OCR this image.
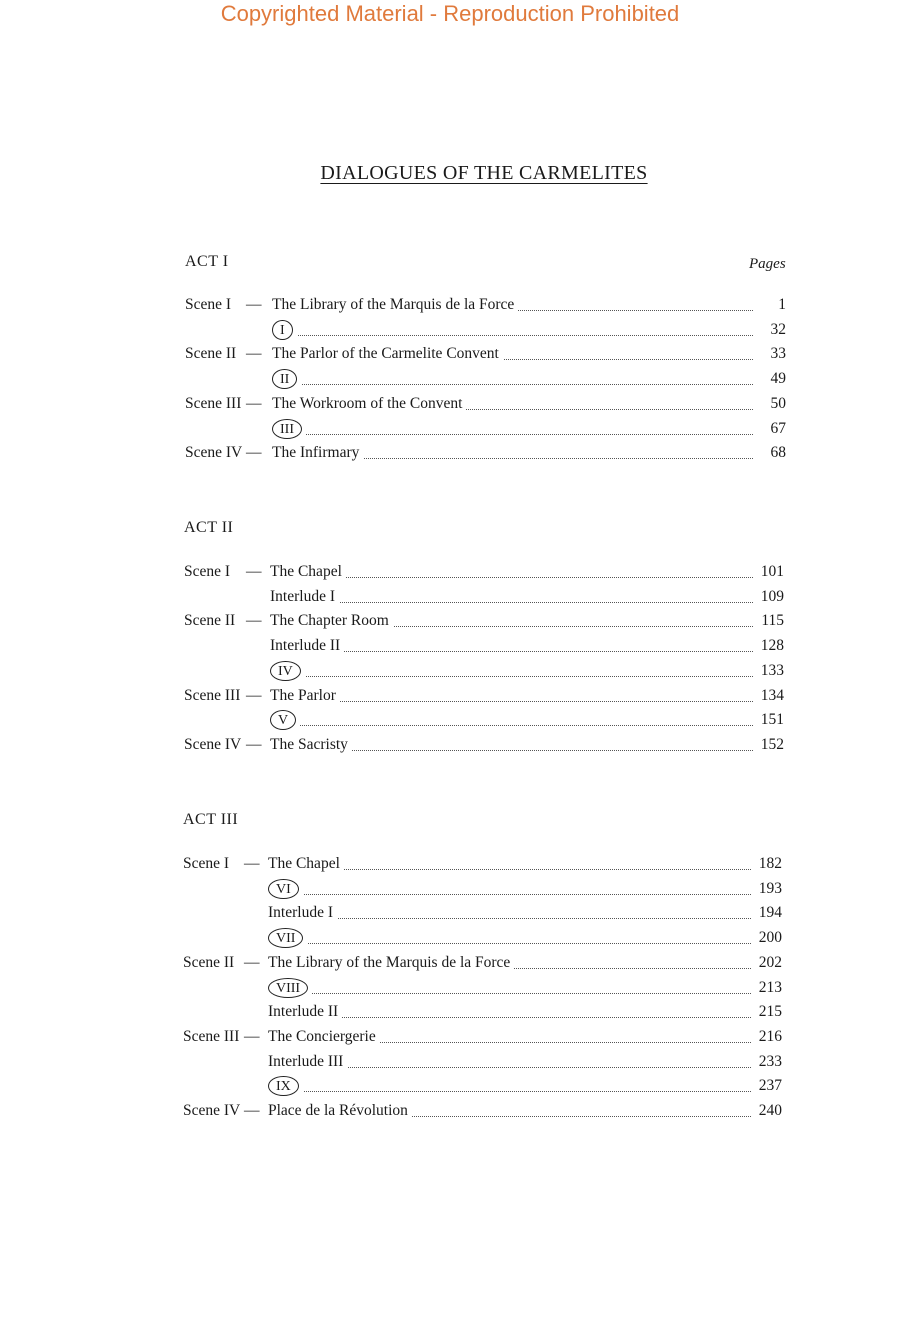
Copyrighted Material - Reproduction Prohibited
DIALOGUES OF THE CARMELITES
ACT I	Pages
Scene I — The Library of the Marquis de la Force	1
I	32
Scene II — The Parlor of the Carmelite Convent	33
II	49
Scene III — The Workroom of the Convent	50
III	67
Scene IV — The Infirmary	68
ACT II
Scene I — The Chapel	101
Interlude I	109
Scene II — The Chapter Room	115
Interlude II	128
IV	133
Scene III — The Parlor	134
V	151
Scene IV — The Sacristy	152
ACT III
Scene I — The Chapel	182
VI	193
Interlude I	194
VII	200
Scene II — The Library of the Marquis de la Force	202
VIII	213
Interlude II	215
Scene III — The Conciergerie	216
Interlude III	233
IX	237
Scene IV — Place de la Révolution	240
